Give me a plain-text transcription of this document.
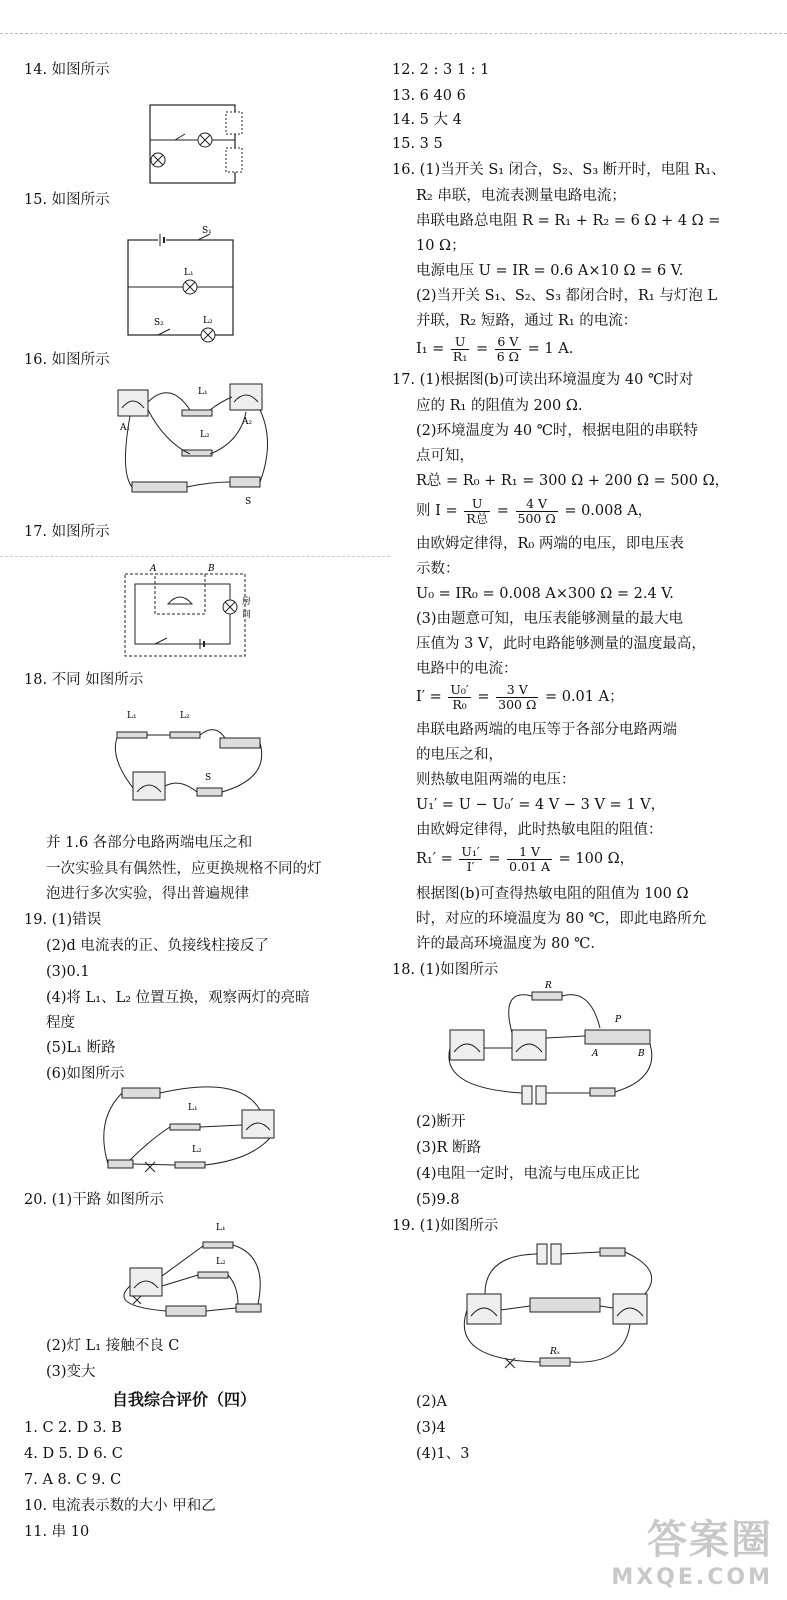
14. 如图所示
15. 如图所示
S₁
L₁
S₂	L₂
16. 如图所示
A₁
A₂
L₁
L₂
S
17. 如图所示
A	B
房
间
18. 不同 如图所示
L₁	L₂
S
并 1.6 各部分电路两端电压之和
一次实验具有偶然性，应更换规格不同的灯
泡进行多次实验，得出普遍规律
19. (1)错误
(2)d 电流表的正、负接线柱接反了
(3)0.1
(4)将 L₁、L₂ 位置互换，观察两灯的亮暗
程度
(5)L₁ 断路
(6)如图所示
L₁
L₂
20. (1)干路 如图所示
L₁
L₂
(2)灯 L₁ 接触不良 C
(3)变大
自我综合评价（四）
1. C 2. D 3. B
4. D 5. D 6. C
7. A 8. C 9. C
10. 电流表示数的大小 甲和乙
11. 串 10
12. 2 : 3 1 : 1
13. 6 40 6
14. 5 大 4
15. 3 5
16. (1)当开关 S₁ 闭合，S₂、S₃ 断开时，电阻 R₁、
R₂ 串联，电流表测量电路电流；
串联电路总电阻 R = R₁ + R₂ = 6 Ω + 4 Ω =
10 Ω；
电源电压 U = IR = 0.6 A×10 Ω = 6 V.
(2)当开关 S₁、S₂、S₃ 都闭合时，R₁ 与灯泡 L
并联，R₂ 短路，通过 R₁ 的电流：
$I_1 = \frac{U}{\text{R₁}} = \frac{6 V}{6 \Omega} = 1$ A.
17. (1)根据图(b)可读出环境温度为 40 ℃时对
应的 R₁ 的阻值为 200 Ω.
(2)环境温度为 40 ℃时，根据电阻的串联特
点可知，
R总 = R₀ + R₁ = 300 Ω + 200 Ω = 500 Ω，
则 $I = \frac{U}{\text{R总}} = \frac{4 V}{500 \Omega} = 0.008$ A，
由欧姆定律得，R₀ 两端的电压，即电压表
示数：
U₀ = IR₀ = 0.008 A×300 Ω = 2.4 V.
(3)由题意可知，电压表能够测量的最大电
压值为 3 V，此时电路能够测量的温度最高，
电路中的电流：
$I' = \frac{\text{U₀′}}{\text{R₀}} = \frac{3 V}{300 \Omega} = 0.01$ A；
串联电路两端的电压等于各部分电路两端
的电压之和，
则热敏电阻两端的电压：
U₁′ = U − U₀′ = 4 V − 3 V = 1 V，
由欧姆定律得，此时热敏电阻的阻值：
$R_1' = \frac{\text{U₁′}}{I'} = \frac{1 V}{0.01 A} = 100$ Ω，
根据图(b)可查得热敏电阻的阻值为 100 Ω
时，对应的环境温度为 80 ℃，即此电路所允
许的最高环境温度为 80 ℃.
18. (1)如图所示
R
P
A	B
(2)断开
(3)R 断路
(4)电阻一定时，电流与电压成正比
(5)9.8
19. (1)如图所示
Rₓ
(2)A
(3)4
(4)1、3
答案圈
MXQE.COM
